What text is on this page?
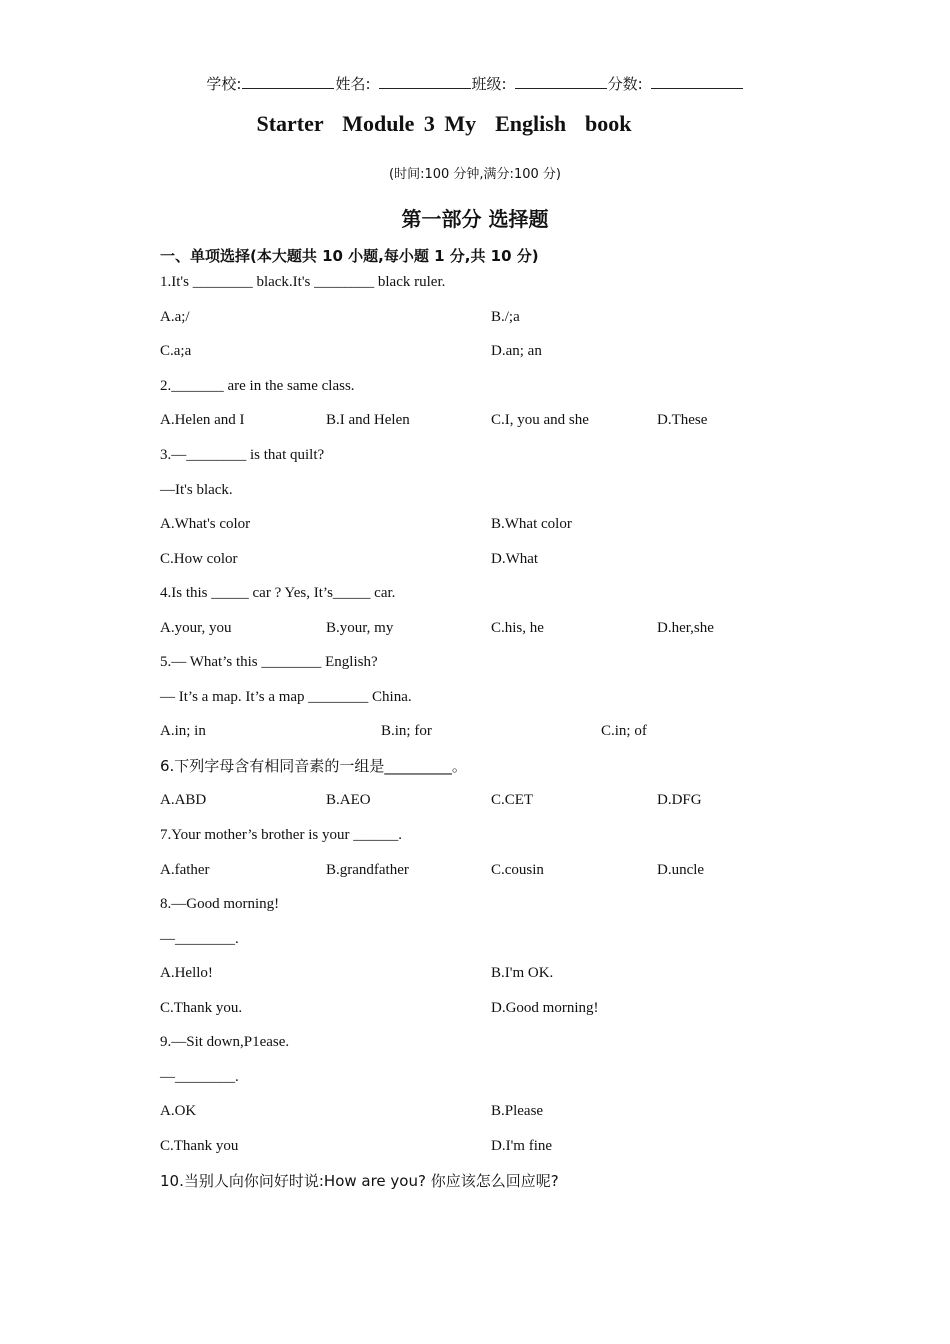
学校:	姓名:	班级:	分数:
Starter  Module 3 My  English  book
(时间:100 分钟,满分:100 分)
第一部分 选择题
一、单项选择(本大题共 10 小题,每小题 1 分,共 10 分)
1.It's ________ black.It's ________ black ruler.
A.a;/	B./;a
C.a;a	D.an; an
2._______ are in the same class.
A.Helen and I	B.I and Helen	C.I, you and she	D.These
3.—________ is that quilt?
—It's black.
A.What's color	B.What color
C.How color	D.What
4.Is this _____ car ? Yes, It’s_____ car.
A.your, you	B.your, my	C.his, he	D.her,she
5.— What’s this ________ English?
— It’s a map. It’s a map ________ China.
A.in; in	B.in; for	C.in; of
6.下列字母含有相同音素的一组是_________。
A.ABD	B.AEO	C.CET	D.DFG
7.Your mother’s brother is your ______.
A.father	B.grandfather	C.cousin	D.uncle
8.—Good morning!
—________.
A.Hello!	B.I'm OK.
C.Thank you.	D.Good morning!
9.—Sit down,P1ease.
—________.
A.OK	B.Please
C.Thank you	D.I'm fine
10.当别人向你问好时说:How are you? 你应该怎么回应呢?
